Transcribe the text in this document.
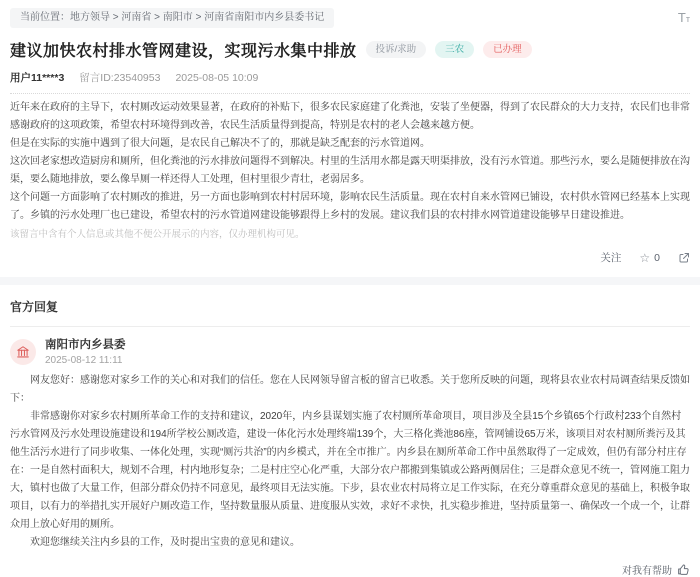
当前位置：地方领导 > 河南省 > 南阳市 > 河南省南阳市内乡县委书记	Tт
建议加快农村排水管网建设，实现污水集中排放	投诉/求助	三农	已办理
用户11****3 留言ID:23540953 2025-08-05 10:09

近年来在政府的主导下，农村厕改运动效果显著，在政府的补贴下，很多农民家庭建了化粪池，安装了坐便器，得到了农民群众的大力支持，农民们也非常感谢政府的这项政策，希望农村环境得到改善，农民生活质量得到提高，特别是农村的老人会越来越方便。

但是在实际的实施中遇到了很大问题，是农民自己解决不了的，那就是缺乏配套的污水管道网。

这次回老家想改造厨房和厕所，但化粪池的污水排放问题得不到解决。村里的生活用水都是露天明渠排放，没有污水管道。那些污水，要么是随便排放在沟渠，要么随地排放，要么像旱厕一样还得人工处理，但村里很少青壮，老弱居多。

这个问题一方面影响了农村厕改的推进，另一方面也影响到农村村居环境，影响农民生活质量。现在农村自来水管网已铺设，农村供水管网已经基本上实现了。乡镇的污水处理厂也已建设，希望农村的污水管道网建设能够跟得上乡村的发展。建议我们县的农村排水网管道建设能够早日建设推进。

该留言中含有个人信息或其他不便公开展示的内容，仅办理机构可见。
关注 ☆ 0
官方回复
南阳市内乡县委
2025-08-12 11:11

网友您好：感谢您对家乡工作的关心和对我们的信任。您在人民网领导留言板的留言已收悉。关于您所反映的问题，现将县农业农村局调查结果反馈如下：

非常感谢你对家乡农村厕所革命工作的支持和建议，2020年，内乡县谋划实施了农村厕所革命项目，项目涉及全县15个乡镇65个行政村233个自然村污水管网及污水处理设施建设和194所学校公厕改造，建设一体化污水处理终端139个，大三格化粪池86座，管网铺设65万米，该项目对农村厕所粪污及其他生活污水进行了同步收集、一体化处理，实现“厕污共治”的内乡模式，并在全市推广。内乡县在厕所革命工作中虽然取得了一定成效，但仍有部分村庄存在：一是自然村面积大，规划不合理，村内地形复杂；二是村庄空心化严重，大部分农户都搬到集镇或公路两侧居住；三是群众意见不统一，管网施工阻力大，镇村也做了大量工作，但部分群众仍持不同意见，最终项目无法实施。下步，县农业农村局将立足工作实际，在充分尊重群众意见的基础上，积极争取项目，以有力的举措扎实开展好户厕改造工作，坚持数量服从质量、进度服从实效，求好不求快，扎实稳步推进，坚持质量第一、确保改一个成一个，让群众用上放心好用的厕所。

欢迎您继续关注内乡县的工作，及时提出宝贵的意见和建议。

对我有帮助
